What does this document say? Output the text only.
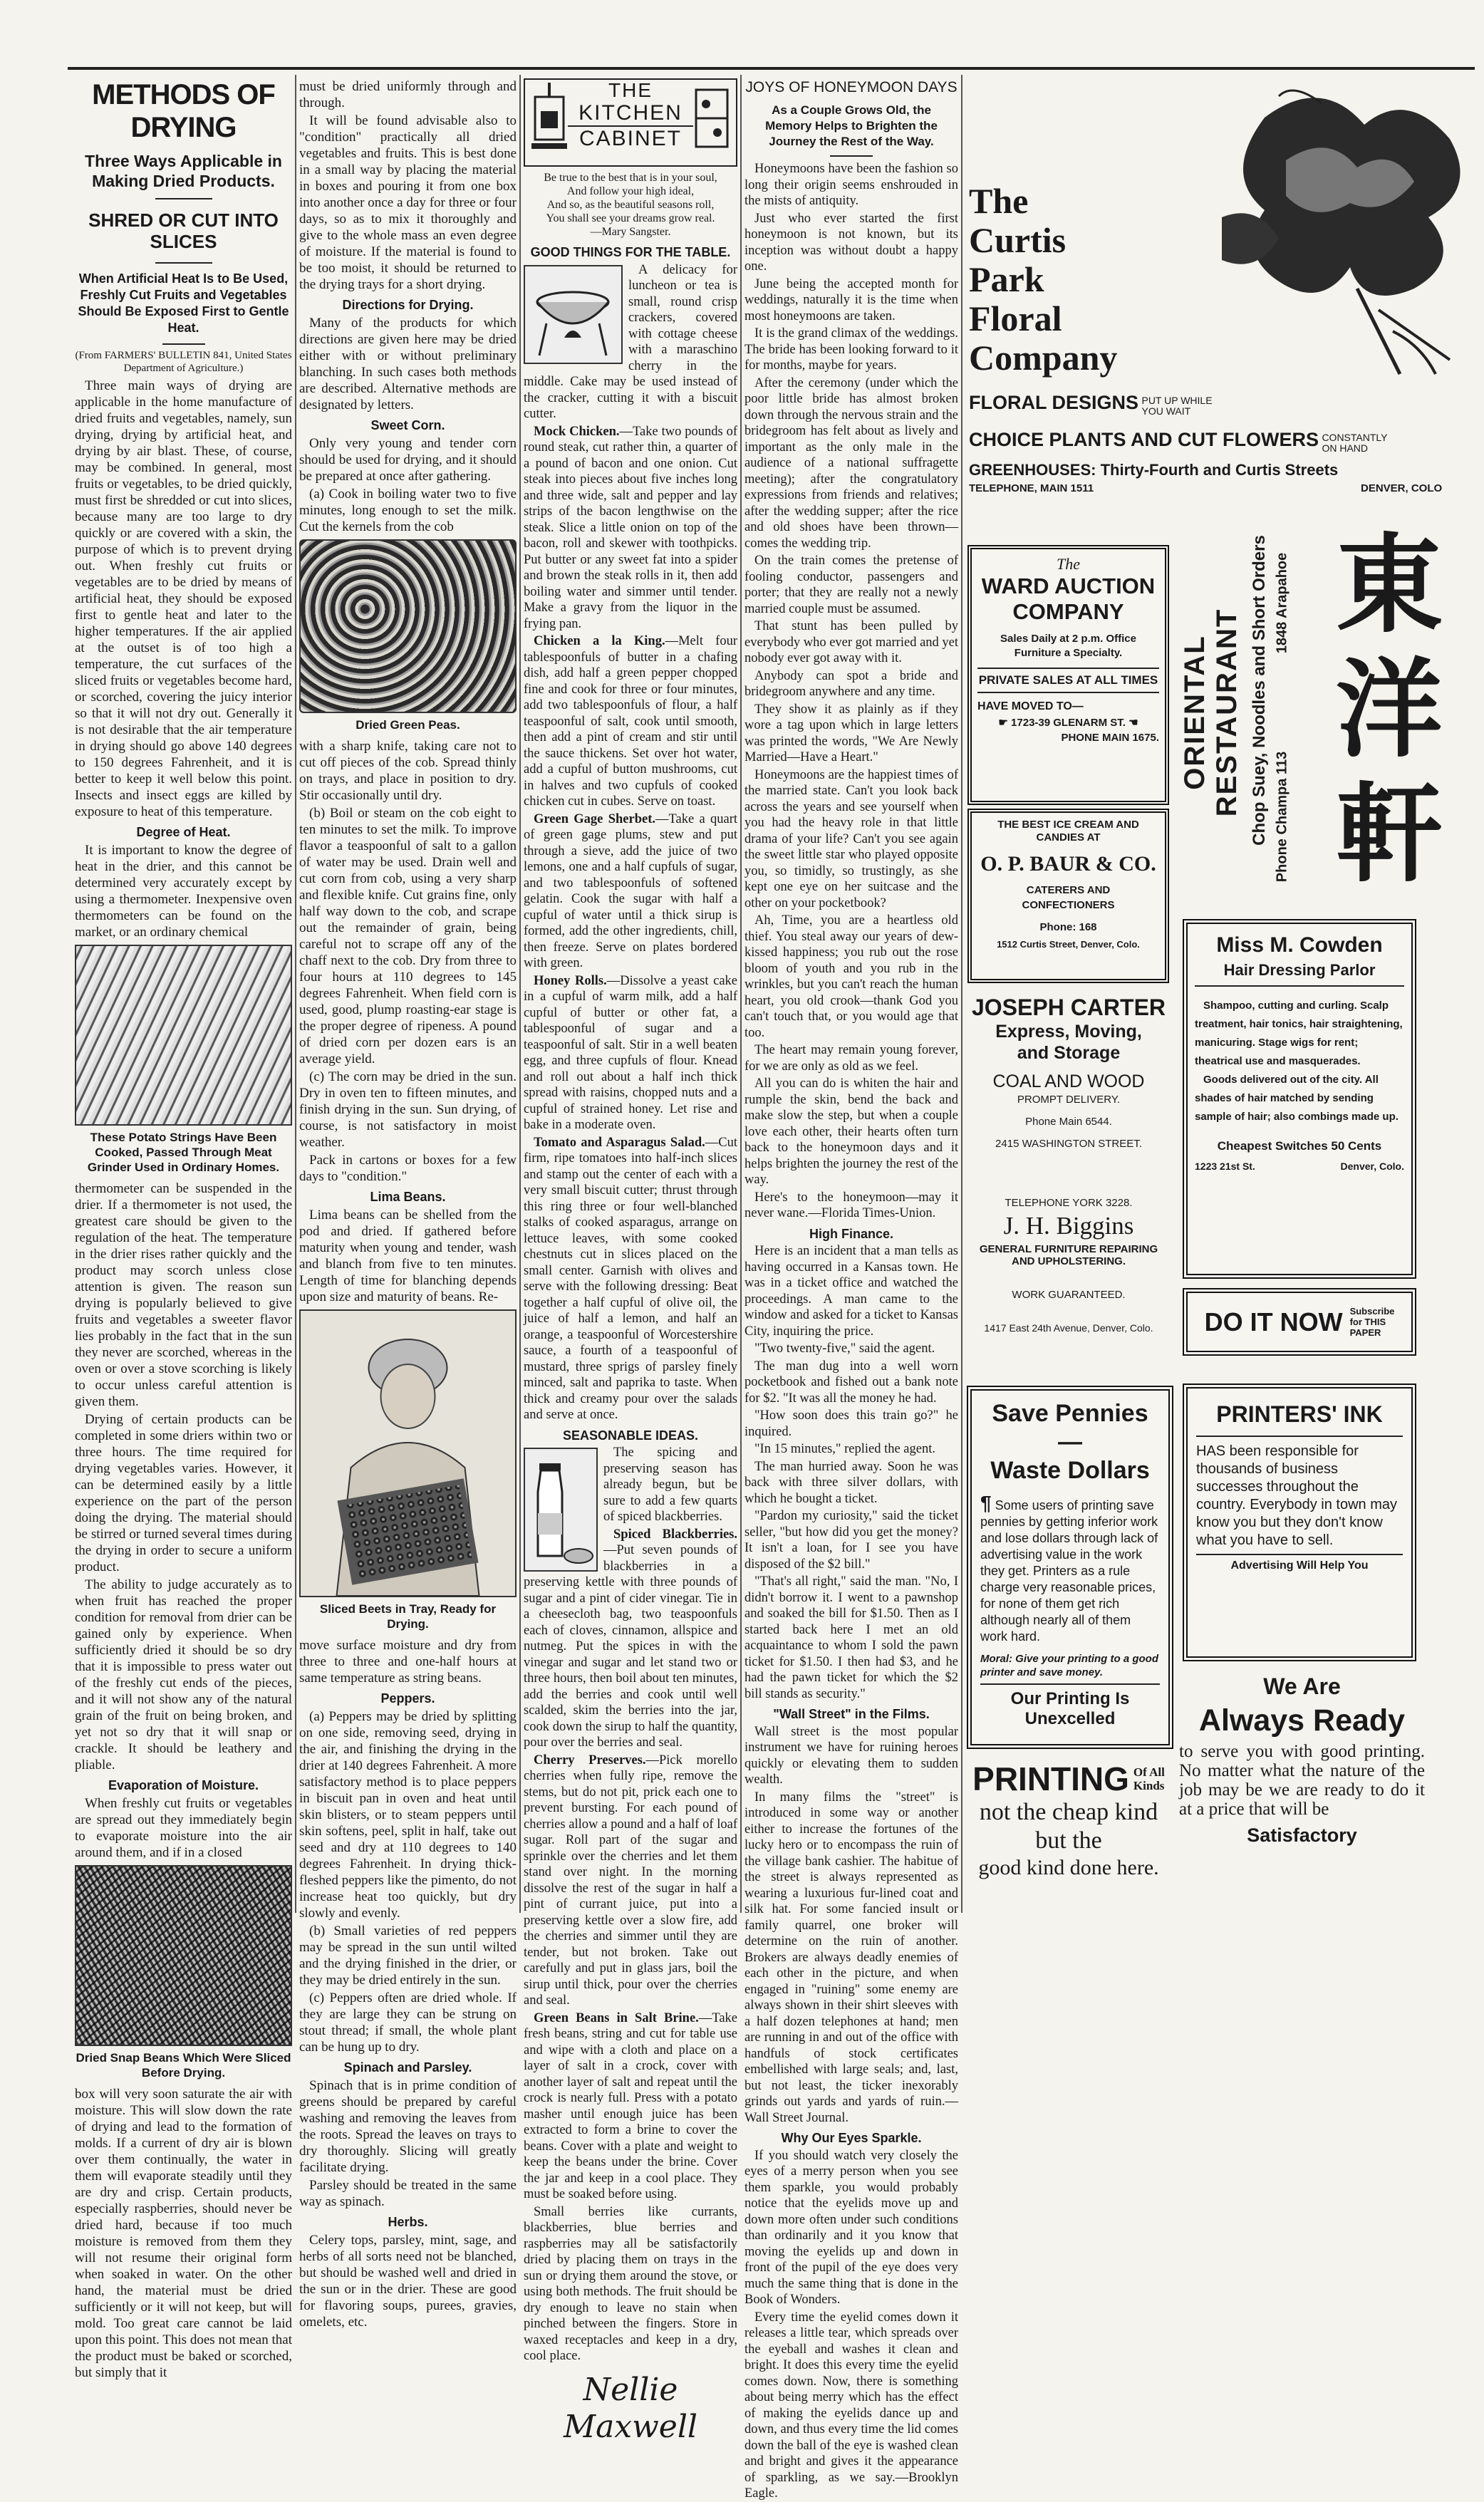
METHODS OF DRYING
Three Ways Applicable in Making Dried Products.
SHRED OR CUT INTO SLICES
When Artificial Heat Is to Be Used, Freshly Cut Fruits and Vegetables Should Be Exposed First to Gentle Heat.
(From FARMERS' BULLETIN 841, United States Department of Agriculture.)

Three main ways of drying are applicable in the home manufacture of dried fruits and vegetables, namely, sun drying, drying by artificial heat, and drying by air blast. These, of course, may be combined. In general, most fruits or vegetables, to be dried quickly, must first be shredded or cut into slices, because many are too large to dry quickly or are covered with a skin, the purpose of which is to prevent drying out. When freshly cut fruits or vegetables are to be dried by means of artificial heat, they should be exposed first to gentle heat and later to the higher temperatures. If the air applied at the outset is of too high a temperature, the cut surfaces of the sliced fruits or vegetables become hard, or scorched, covering the juicy interior so that it will not dry out. Generally it is not desirable that the air temperature in drying should go above 140 degrees to 150 degrees Fahrenheit, and it is better to keep it well below this point. Insects and insect eggs are killed by exposure to heat of this temperature.

Degree of Heat.

It is important to know the degree of heat in the drier, and this cannot be determined very accurately except by using a thermometer. Inexpensive oven thermometers can be found on the market, or an ordinary chemical

These Potato Strings Have Been Cooked, Passed Through Meat Grinder Used in Ordinary Homes.

thermometer can be suspended in the drier. If a thermometer is not used, the greatest care should be given to the regulation of the heat. The temperature in the drier rises rather quickly and the product may scorch unless close attention is given. The reason sun drying is popularly believed to give fruits and vegetables a sweeter flavor lies probably in the fact that in the sun they never are scorched, whereas in the oven or over a stove scorching is likely to occur unless careful attention is given them.

Drying of certain products can be completed in some driers within two or three hours. The time required for drying vegetables varies. However, it can be determined easily by a little experience on the part of the person doing the drying. The material should be stirred or turned several times during the drying in order to secure a uniform product.

The ability to judge accurately as to when fruit has reached the proper condition for removal from drier can be gained only by experience. When sufficiently dried it should be so dry that it is impossible to press water out of the freshly cut ends of the pieces, and it will not show any of the natural grain of the fruit on being broken, and yet not so dry that it will snap or crackle. It should be leathery and pliable.

Evaporation of Moisture.

When freshly cut fruits or vegetables are spread out they immediately begin to evaporate moisture into the air around them, and if in a closed

Dried Snap Beans Which Were Sliced Before Drying.

box will very soon saturate the air with moisture. This will slow down the rate of drying and lead to the formation of molds. If a current of dry air is blown over them continually, the water in them will evaporate steadily until they are dry and crisp. Certain products, especially raspberries, should never be dried hard, because if too much moisture is removed from them they will not resume their original form when soaked in water. On the other hand, the material must be dried sufficiently or it will not keep, but will mold. Too great care cannot be laid upon this point. This does not mean that the product must be baked or scorched, but simply that it

must be dried uniformly through and through.

It will be found advisable also to "condition" practically all dried vegetables and fruits. This is best done in a small way by placing the material in boxes and pouring it from one box into another once a day for three or four days, so as to mix it thoroughly and give to the whole mass an even degree of moisture. If the material is found to be too moist, it should be returned to the drying trays for a short drying.

Directions for Drying.

Many of the products for which directions are given here may be dried either with or without preliminary blanching. In such cases both methods are described. Alternative methods are designated by letters.

Sweet Corn.

Only very young and tender corn should be used for drying, and it should be prepared at once after gathering.

(a) Cook in boiling water two to five minutes, long enough to set the milk. Cut the kernels from the cob

Dried Green Peas.

with a sharp knife, taking care not to cut off pieces of the cob. Spread thinly on trays, and place in position to dry. Stir occasionally until dry.

(b) Boil or steam on the cob eight to ten minutes to set the milk. To improve flavor a teaspoonful of salt to a gallon of water may be used. Drain well and cut corn from cob, using a very sharp and flexible knife. Cut grains fine, only half way down to the cob, and scrape out the remainder of grain, being careful not to scrape off any of the chaff next to the cob. Dry from three to four hours at 110 degrees to 145 degrees Fahrenheit. When field corn is used, good, plump roasting-ear stage is the proper degree of ripeness. A pound of dried corn per dozen ears is an average yield.

(c) The corn may be dried in the sun. Dry in oven ten to fifteen minutes, and finish drying in the sun. Sun drying, of course, is not satisfactory in moist weather.

Pack in cartons or boxes for a few days to "condition."

Lima Beans.

Lima beans can be shelled from the pod and dried. If gathered before maturity when young and tender, wash and blanch from five to ten minutes. Length of time for blanching depends upon size and maturity of beans. Re-

Sliced Beets in Tray, Ready for Drying.

move surface moisture and dry from three to three and one-half hours at same temperature as string beans.

Peppers.

(a) Peppers may be dried by splitting on one side, removing seed, drying in the air, and finishing the drying in the drier at 140 degrees Fahrenheit. A more satisfactory method is to place peppers in biscuit pan in oven and heat until skin blisters, or to steam peppers until skin softens, peel, split in half, take out seed and dry at 110 degrees to 140 degrees Fahrenheit. In drying thick-fleshed peppers like the pimento, do not increase heat too quickly, but dry slowly and evenly.

(b) Small varieties of red peppers may be spread in the sun until wilted and the drying finished in the drier, or they may be dried entirely in the sun.

(c) Peppers often are dried whole. If they are large they can be strung on stout thread; if small, the whole plant can be hung up to dry.

Spinach and Parsley.

Spinach that is in prime condition of greens should be prepared by careful washing and removing the leaves from the roots. Spread the leaves on trays to dry thoroughly. Slicing will greatly facilitate drying.

Parsley should be treated in the same way as spinach.

Herbs.

Celery tops, parsley, mint, sage, and herbs of all sorts need not be blanched, but should be washed well and dried in the sun or in the drier. These are good for flavoring soups, purees, gravies, omelets, etc.

THE
KITCHEN
CABINET
Be true to the best that is in your soul,
And follow your high ideal,
And so, as the beautiful seasons roll,
You shall see your dreams grow real.
—Mary Sangster.
GOOD THINGS FOR THE TABLE.

A delicacy for luncheon or tea is small, round crisp crackers, covered with cottage cheese with a maraschino cherry in the middle. Cake may be used instead of the cracker, cutting it with a biscuit cutter.

Mock Chicken.—Take two pounds of round steak, cut rather thin, a quarter of a pound of bacon and one onion. Cut steak into pieces about five inches long and three wide, salt and pepper and lay strips of the bacon lengthwise on the steak. Slice a little onion on top of the bacon, roll and skewer with toothpicks. Put butter or any sweet fat into a spider and brown the steak rolls in it, then add boiling water and simmer until tender. Make a gravy from the liquor in the frying pan.

Chicken a la King.—Melt four tablespoonfuls of butter in a chafing dish, add half a green pepper chopped fine and cook for three or four minutes, add two tablespoonfuls of flour, a half teaspoonful of salt, cook until smooth, then add a pint of cream and stir until the sauce thickens. Set over hot water, add a cupful of button mushrooms, cut in halves and two cupfuls of cooked chicken cut in cubes. Serve on toast.

Green Gage Sherbet.—Take a quart of green gage plums, stew and put through a sieve, add the juice of two lemons, one and a half cupfuls of sugar, and two tablespoonfuls of softened gelatin. Cook the sugar with half a cupful of water until a thick sirup is formed, add the other ingredients, chill, then freeze. Serve on plates bordered with green.

Honey Rolls.—Dissolve a yeast cake in a cupful of warm milk, add a half cupful of butter or other fat, a tablespoonful of sugar and a teaspoonful of salt. Stir in a well beaten egg, and three cupfuls of flour. Knead and roll out about a half inch thick spread with raisins, chopped nuts and a cupful of strained honey. Let rise and bake in a moderate oven.

Tomato and Asparagus Salad.—Cut firm, ripe tomatoes into half-inch slices and stamp out the center of each with a very small biscuit cutter; thrust through this ring three or four well-blanched stalks of cooked asparagus, arrange on lettuce leaves, with some cooked chestnuts cut in slices placed on the small center. Garnish with olives and serve with the following dressing: Beat together a half cupful of olive oil, the juice of half a lemon, and half an orange, a teaspoonful of Worcestershire sauce, a fourth of a teaspoonful of mustard, three sprigs of parsley finely minced, salt and paprika to taste. When thick and creamy pour over the salads and serve at once.

SEASONABLE IDEAS.

The spicing and preserving season has already begun, but be sure to add a few quarts of spiced blackberries.

Spiced Blackberries.—Put seven pounds of blackberries in a preserving kettle with three pounds of sugar and a pint of cider vinegar. Tie in a cheesecloth bag, two teaspoonfuls each of cloves, cinnamon, allspice and nutmeg. Put the spices in with the vinegar and sugar and let stand two or three hours, then boil about ten minutes, add the berries and cook until well scalded, skim the berries into the jar, cook down the sirup to half the quantity, pour over the berries and seal.

Cherry Preserves.—Pick morello cherries when fully ripe, remove the stems, but do not pit, prick each one to prevent bursting. For each pound of cherries allow a pound and a half of loaf sugar. Roll part of the sugar and sprinkle over the cherries and let them stand over night. In the morning dissolve the rest of the sugar in half a pint of currant juice, put into a preserving kettle over a slow fire, add the cherries and simmer until they are tender, but not broken. Take out carefully and put in glass jars, boil the sirup until thick, pour over the cherries and seal.

Green Beans in Salt Brine.—Take fresh beans, string and cut for table use and wipe with a cloth and place on a layer of salt in a crock, cover with another layer of salt and repeat until the crock is nearly full. Press with a potato masher until enough juice has been extracted to form a brine to cover the beans. Cover with a plate and weight to keep the beans under the brine. Cover the jar and keep in a cool place. They must be soaked before using.

Small berries like currants, blackberries, blue berries and raspberries may all be satisfactorily dried by placing them on trays in the sun or drying them around the stove, or using both methods. The fruit should be dry enough to leave no stain when pinched between the fingers. Store in waxed receptacles and keep in a dry, cool place.

Nellie Maxwell
JOYS OF HONEYMOON DAYS
As a Couple Grows Old, the Memory Helps to Brighten the Journey the Rest of the Way.

Honeymoons have been the fashion so long their origin seems enshrouded in the mists of antiquity.

Just who ever started the first honeymoon is not known, but its inception was without doubt a happy one.

June being the accepted month for weddings, naturally it is the time when most honeymoons are taken.

It is the grand climax of the weddings. The bride has been looking forward to it for months, maybe for years.

After the ceremony (under which the poor little bride has almost broken down through the nervous strain and the bridegroom has felt about as lively and important as the only male in the audience of a national suffragette meeting); after the congratulatory expressions from friends and relatives; after the wedding supper; after the rice and old shoes have been thrown—comes the wedding trip.

On the train comes the pretense of fooling conductor, passengers and porter; that they are really not a newly married couple must be assumed.

That stunt has been pulled by everybody who ever got married and yet nobody ever got away with it.

Anybody can spot a bride and bridegroom anywhere and any time.

They show it as plainly as if they wore a tag upon which in large letters was printed the words, "We Are Newly Married—Have a Heart."

Honeymoons are the happiest times of the married state. Can't you look back across the years and see yourself when you had the heavy role in that little drama of your life? Can't you see again the sweet little star who played opposite you, so timidly, so trustingly, as she kept one eye on her suitcase and the other on your pocketbook?

Ah, Time, you are a heartless old thief. You steal away our years of dew-kissed happiness; you rub out the rose bloom of youth and you rub in the wrinkles, but you can't reach the human heart, you old crook—thank God you can't touch that, or you would age that too.

The heart may remain young forever, for we are only as old as we feel.

All you can do is whiten the hair and rumple the skin, bend the back and make slow the step, but when a couple love each other, their hearts often turn back to the honeymoon days and it helps brighten the journey the rest of the way.

Here's to the honeymoon—may it never wane.—Florida Times-Union.

High Finance.

Here is an incident that a man tells as having occurred in a Kansas town. He was in a ticket office and watched the proceedings. A man came to the window and asked for a ticket to Kansas City, inquiring the price.

"Two twenty-five," said the agent.

The man dug into a well worn pocketbook and fished out a bank note for $2. "It was all the money he had.

"How soon does this train go?" he inquired.

"In 15 minutes," replied the agent.

The man hurried away. Soon he was back with three silver dollars, with which he bought a ticket.

"Pardon my curiosity," said the ticket seller, "but how did you get the money? It isn't a loan, for I see you have disposed of the $2 bill."

"That's all right," said the man. "No, I didn't borrow it. I went to a pawnshop and soaked the bill for $1.50. Then as I started back here I met an old acquaintance to whom I sold the pawn ticket for $1.50. I then had $3, and he had the pawn ticket for which the $2 bill stands as security."

"Wall Street" in the Films.

Wall street is the most popular instrument we have for ruining heroes quickly or elevating them to sudden wealth.

In many films the "street" is introduced in some way or another either to increase the fortunes of the lucky hero or to encompass the ruin of the village bank cashier. The habitue of the street is always represented as wearing a luxurious fur-lined coat and silk hat. For some fancied insult or family quarrel, one broker will determine on the ruin of another. Brokers are always deadly enemies of each other in the picture, and when engaged in "ruining" some enemy are always shown in their shirt sleeves with a half dozen telephones at hand; men are running in and out of the office with handfuls of stock certificates embellished with large seals; and, last, but not least, the ticker inexorably grinds out yards and yards of ruin.—Wall Street Journal.

Why Our Eyes Sparkle.

If you should watch very closely the eyes of a merry person when you see them sparkle, you would probably notice that the eyelids move up and down more often under such conditions than ordinarily and it you know that moving the eyelids up and down in front of the pupil of the eye does very much the same thing that is done in the Book of Wonders.

Every time the eyelid comes down it releases a little tear, which spreads over the eyeball and washes it clean and bright. It does this every time the eyelid comes down. Now, there is something about being merry which has the effect of making the eyelids dance up and down, and thus every time the lid comes down the ball of the eye is washed clean and bright and gives it the appearance of sparkling, as we say.—Brooklyn Eagle.

The
Curtis
Park
Floral
Company
FLORAL DESIGNS PUT UP WHILE YOU WAIT
CHOICE PLANTS AND CUT FLOWERS CONSTANTLY ON HAND
GREENHOUSES: Thirty-Fourth and Curtis Streets
TELEPHONE, MAIN 1511	DENVER, COLO
The
WARD AUCTION
COMPANY
Sales Daily at 2 p.m. Office Furniture a Specialty.
PRIVATE SALES AT ALL TIMES
HAVE MOVED TO—
☛ 1723-39 GLENARM ST. ☚
PHONE MAIN 1675.
THE BEST ICE CREAM AND CANDIES AT
O. P. BAUR & CO.
CATERERS AND
CONFECTIONERS
Phone: 168
1512 Curtis Street, Denver, Colo.
JOSEPH CARTER
Express, Moving,
and Storage
COAL AND WOOD
PROMPT DELIVERY.
Phone Main 6544.
2415 WASHINGTON STREET.
TELEPHONE YORK 3228.
J. H. Biggins
GENERAL FURNITURE REPAIRING
AND UPHOLSTERING.
WORK GUARANTEED.
1417 East 24th Avenue, Denver, Colo.
ORIENTAL RESTAURANT Chop Suey, Noodles and Short Orders 1848 Arapahoe
Phone Champa 113
東洋軒
Miss M. Cowden
Hair Dressing Parlor
Shampoo, cutting and curling. Scalp treatment, hair tonics, hair straightening, manicuring. Stage wigs for rent; theatrical use and masquerades.
Goods delivered out of the city. All shades of hair matched by sending sample of hair; also combings made up.
Cheapest Switches 50 Cents
1223 21st St.	Denver, Colo.
DO IT NOW Subscribe
for THIS
PAPER
Save Pennies—
Waste Dollars
¶ Some users of printing save pennies by getting inferior work and lose dollars through lack of advertising value in the work they get. Printers as a rule charge very reasonable prices, for none of them get rich although nearly all of them work hard.
Moral: Give your printing to a good printer and save money.
Our Printing Is
Unexcelled
PRINTERS' INK
HAS been responsible for thousands of business successes throughout the country. Everybody in town may know you but they don't know what you have to sell.
Advertising Will Help You
PRINTING Of All
Kinds
not the cheap kind
but the
good kind done here.
We Are
Always Ready
to serve you with good printing. No matter what the nature of the job may be we are ready to do it at a price that will be
Satisfactory
